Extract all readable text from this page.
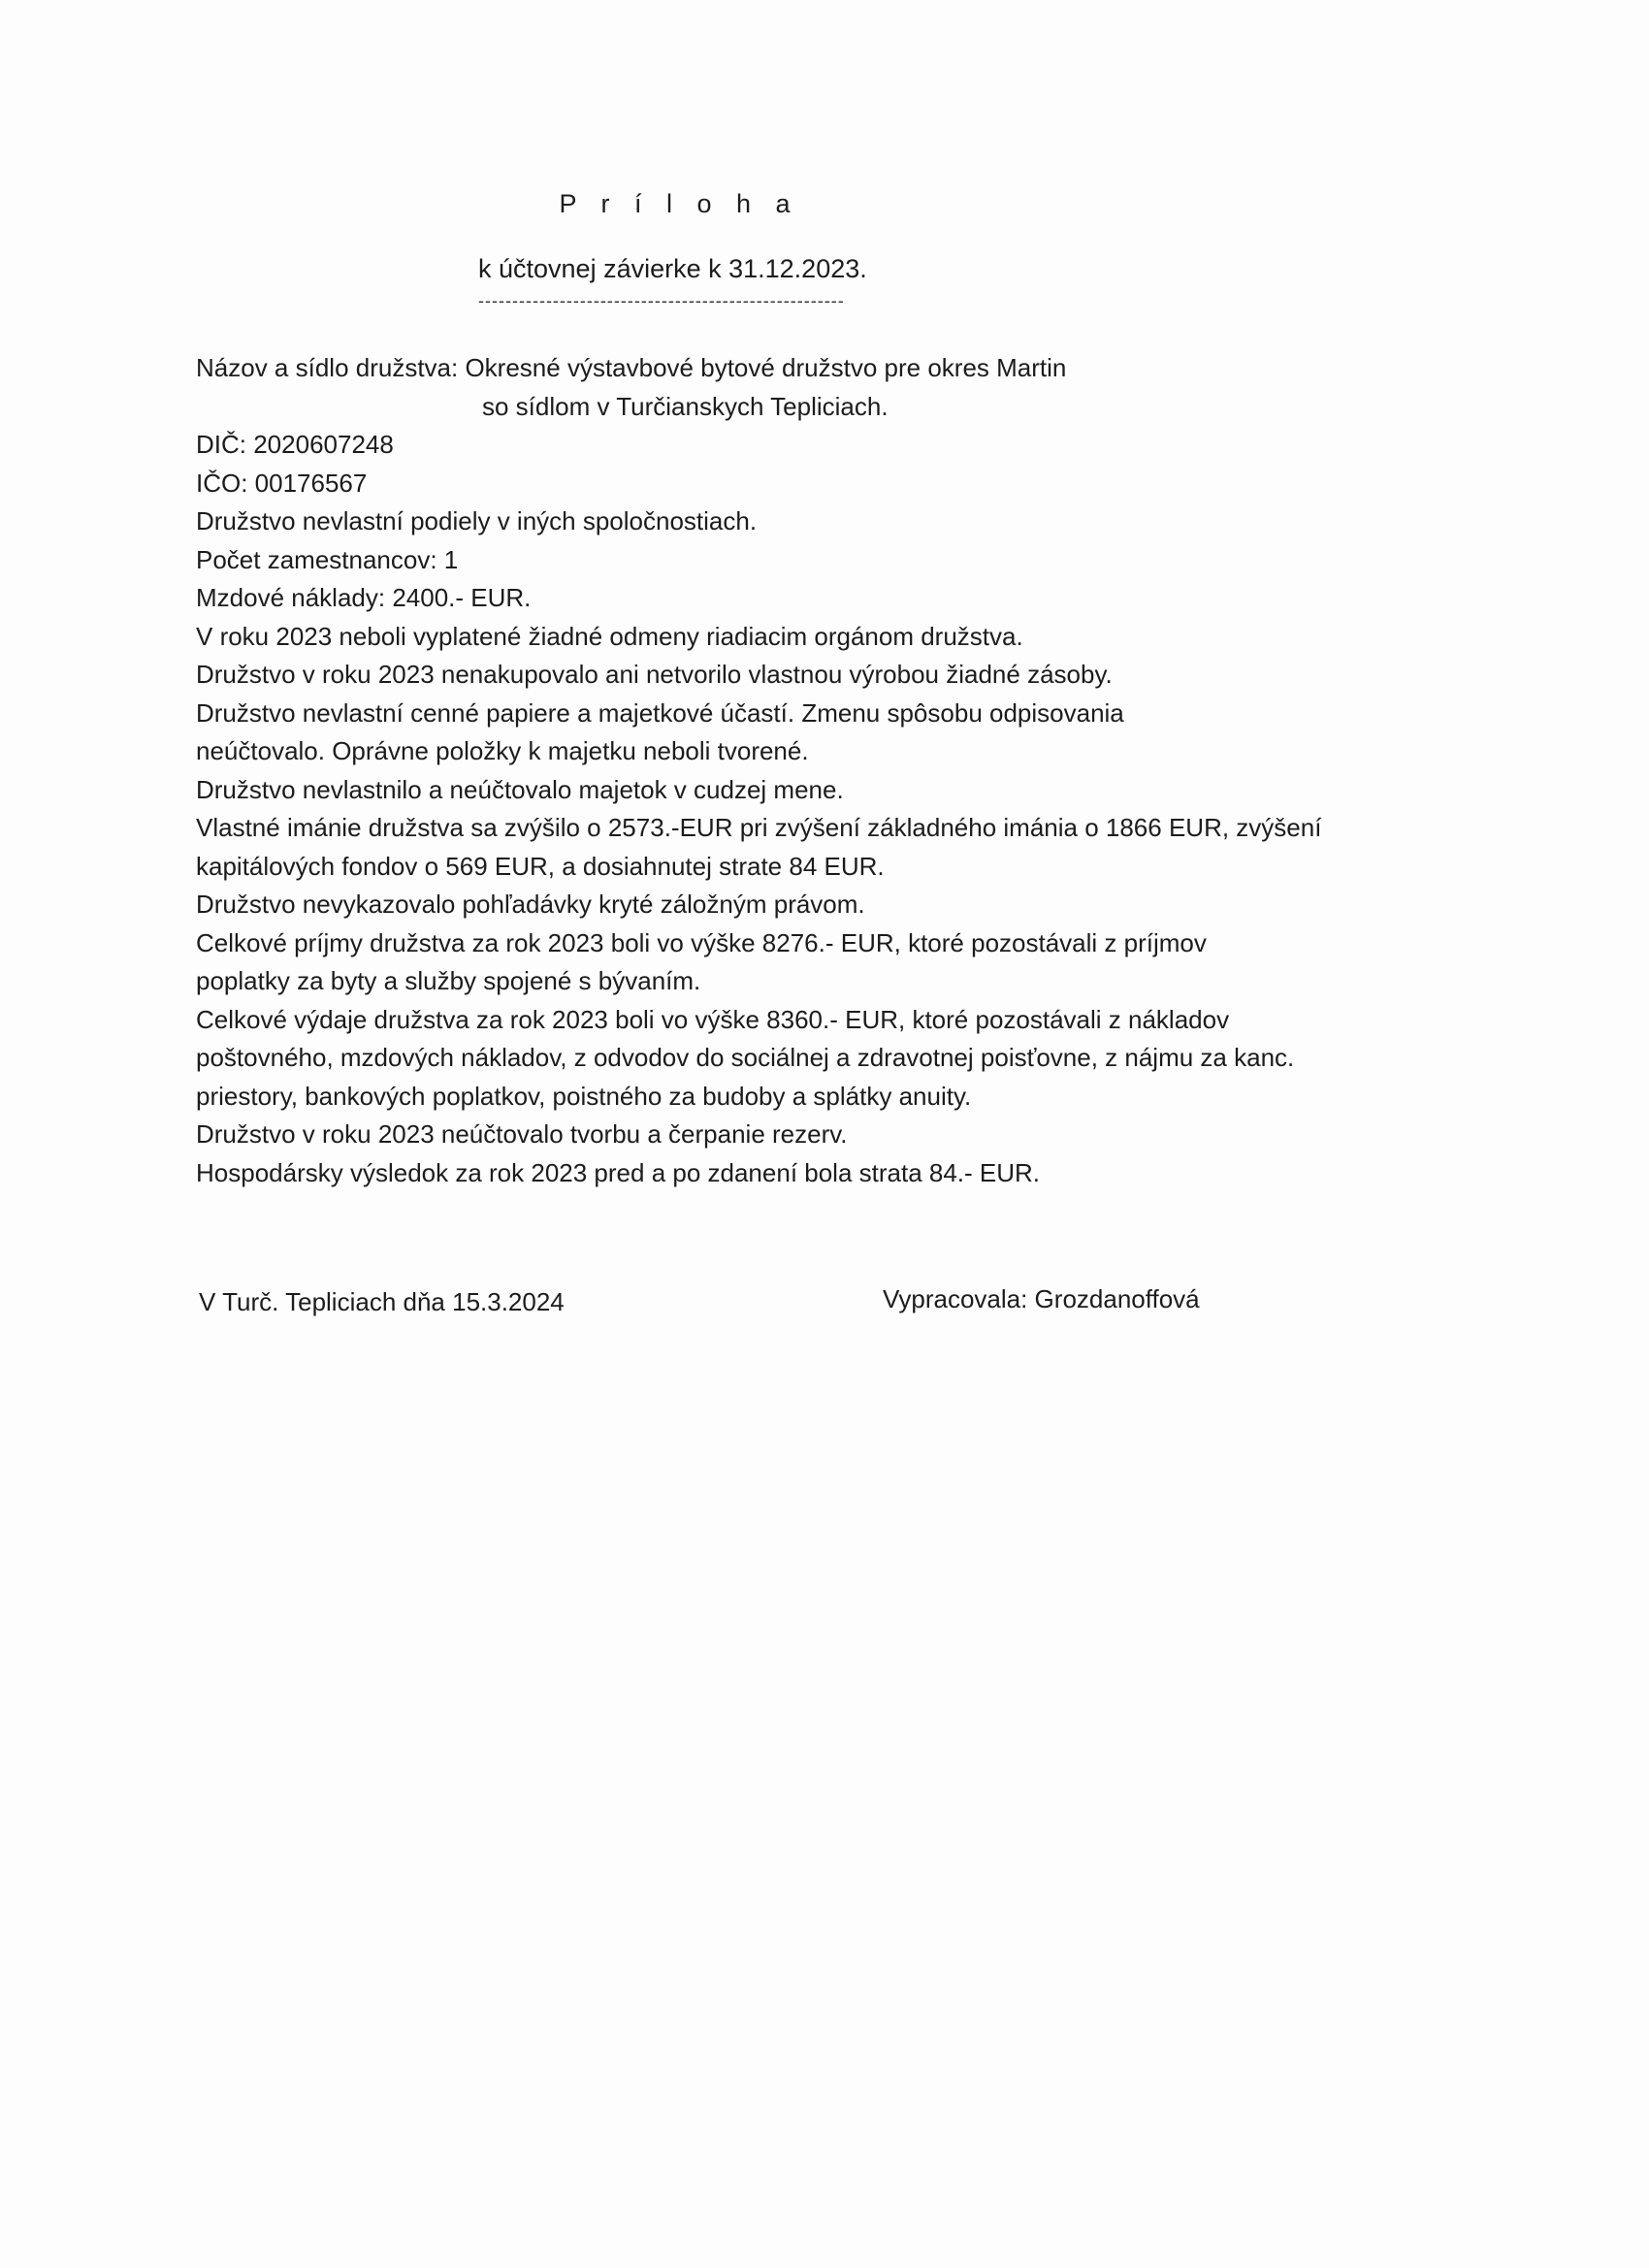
P r í l o h a
k účtovnej závierke k 31.12.2023.
------------------------------------------------------
Názov a sídlo družstva: Okresné výstavbové bytové družstvo pre okres Martin
so sídlom v Turčianskych Tepliciach.
DIČ: 2020607248
IČO: 00176567
Družstvo nevlastní podiely v iných spoločnostiach.
Počet zamestnancov: 1
Mzdové náklady: 2400.- EUR.
V roku 2023 neboli vyplatené žiadné odmeny riadiacim orgánom družstva.
Družstvo v roku 2023 nenakupovalo ani netvorilo vlastnou výrobou žiadné zásoby.
Družstvo nevlastní cenné papiere a majetkové účastí. Zmenu spôsobu odpisovania
neúčtovalo. Oprávne položky k majetku neboli tvorené.
Družstvo nevlastnilo a neúčtovalo majetok v cudzej mene.
Vlastné imánie družstva sa zvýšilo o 2573.-EUR pri zvýšení základného imánia o 1866 EUR, zvýšení
kapitálových fondov o 569 EUR, a dosiahnutej strate 84 EUR.
Družstvo nevykazovalo pohľadávky kryté záložným právom.
Celkové príjmy družstva za rok 2023 boli vo výške 8276.- EUR, ktoré pozostávali z príjmov
poplatky za byty a služby spojené s bývaním.
Celkové výdaje družstva za rok 2023 boli vo výške 8360.- EUR, ktoré pozostávali z nákladov
poštovného, mzdových nákladov, z odvodov do sociálnej a zdravotnej poisťovne, z nájmu za kanc.
priestory, bankových poplatkov, poistného za budoby a splátky anuity.
Družstvo v roku 2023 neúčtovalo tvorbu a čerpanie rezerv.
Hospodársky výsledok za rok 2023 pred a po zdanení bola strata 84.- EUR.
V Turč. Tepliciach dňa 15.3.2024	Vypracovala: Grozdanoffová
